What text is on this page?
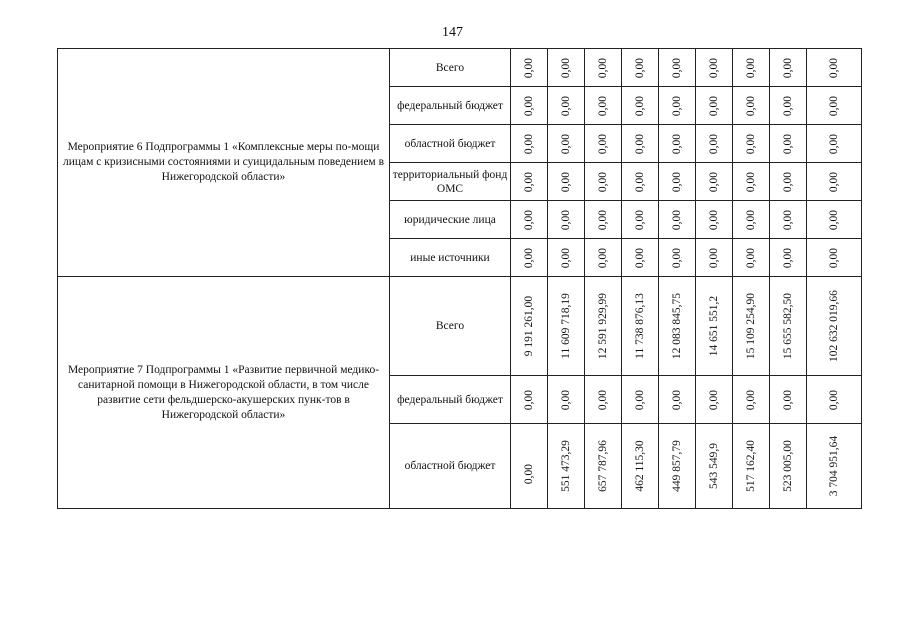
147
Мероприятие 6 Подпрограммы 1 «Комплексные меры по-мощи лицам с кризисными состояниями и суицидальным поведением в Нижегородской области»	Всего	0,00	0,00	0,00	0,00	0,00	0,00	0,00	0,00	0,00

	федеральный бюджет	0,00	0,00	0,00	0,00	0,00	0,00	0,00	0,00	0,00

	областной бюджет	0,00	0,00	0,00	0,00	0,00	0,00	0,00	0,00	0,00

	территориальный фонд ОМС	0,00	0,00	0,00	0,00	0,00	0,00	0,00	0,00	0,00

	юридические лица	0,00	0,00	0,00	0,00	0,00	0,00	0,00	0,00	0,00

	иные источники	0,00	0,00	0,00	0,00	0,00	0,00	0,00	0,00	0,00

Мероприятие 7 Подпрограммы 1 «Развитие первичной медико-санитарной помощи в Нижегородской области, в том числе развитие сети фельдшерско-акушерских пунк-тов в Нижегородской области»	Всего	9 191 261,00	11 609 718,19	12 591 929,99	11 738 876,13	12 083 845,75	14 651 551,2	15 109 254,90	15 655 582,50	102 632 019,66

	федеральный бюджет	0,00	0,00	0,00	0,00	0,00	0,00	0,00	0,00	0,00

	областной бюджет	0,00	551 473,29	657 787,96	462 115,30	449 857,79	543 549,9	517 162,40	523 005,00	3 704 951,64
